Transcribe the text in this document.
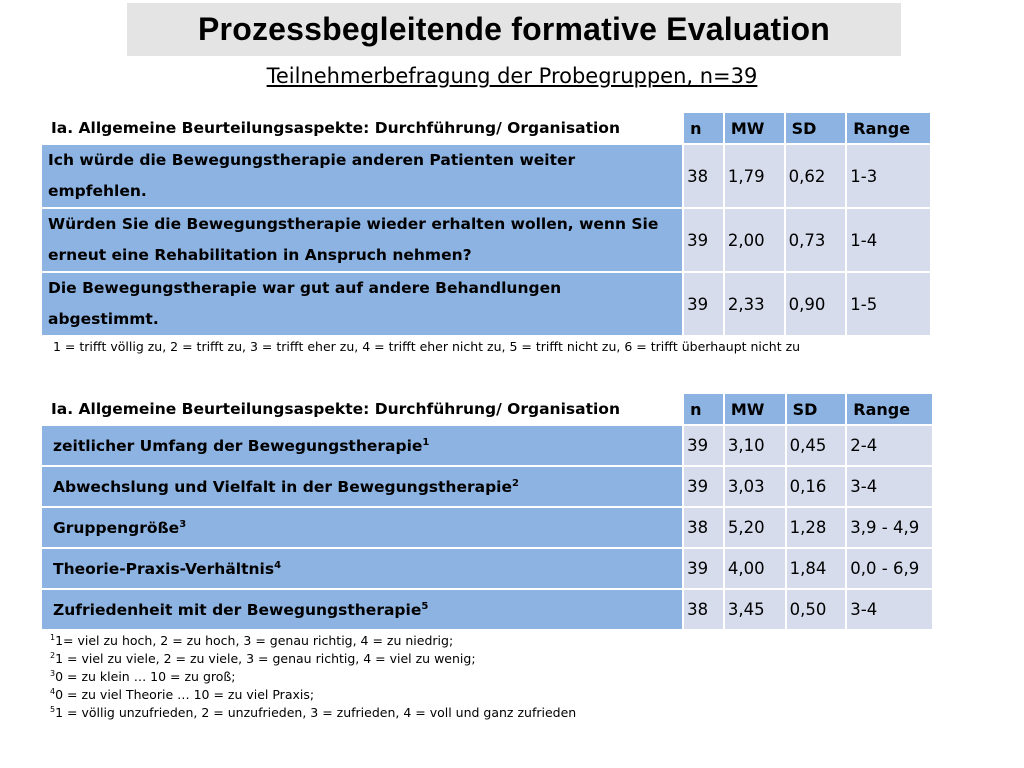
Prozessbegleitende formative Evaluation
Teilnehmerbefragung der Probegruppen, n=39
Ia. Allgemeine Beurteilungsaspekte: Durchführung/ Organisation	n	MW	SD	Range
Ich würde die Bewegungstherapie anderen Patienten weiter empfehlen.	38	1,79	0,62	1-3
Würden Sie die Bewegungstherapie wieder erhalten wollen, wenn Sie erneut eine Rehabilitation in Anspruch nehmen?	39	2,00	0,73	1-4
Die Bewegungstherapie war gut auf andere Behandlungen abgestimmt.	39	2,33	0,90	1-5
1 = trifft völlig zu, 2 = trifft zu, 3 = trifft eher zu, 4 = trifft eher nicht zu, 5 = trifft nicht zu, 6 = trifft überhaupt nicht zu
Ia. Allgemeine Beurteilungsaspekte: Durchführung/ Organisation	n	MW	SD	Range
zeitlicher Umfang der Bewegungstherapie$^1$	39	3,10	0,45	2-4
Abwechslung und Vielfalt in der Bewegungstherapie$^2$	39	3,03	0,16	3-4
Gruppengröße$^3$	38	5,20	1,28	3,9 - 4,9
Theorie-Praxis-Verhältnis$^4$	39	4,00	1,84	0,0 - 6,9
Zufriedenheit mit der Bewegungstherapie$^5$	38	3,45	0,50	3-4
$^1$1= viel zu hoch, 2 = zu hoch, 3 = genau richtig, 4 = zu niedrig;
$^2$1 = viel zu viele, 2 = zu viele, 3 = genau richtig, 4 = viel zu wenig;
$^3$0 = zu klein … 10 = zu groß;
$^4$0 = zu viel Theorie … 10 = zu viel Praxis;
$^5$1 = völlig unzufrieden, 2 = unzufrieden, 3 = zufrieden, 4 = voll und ganz zufrieden
